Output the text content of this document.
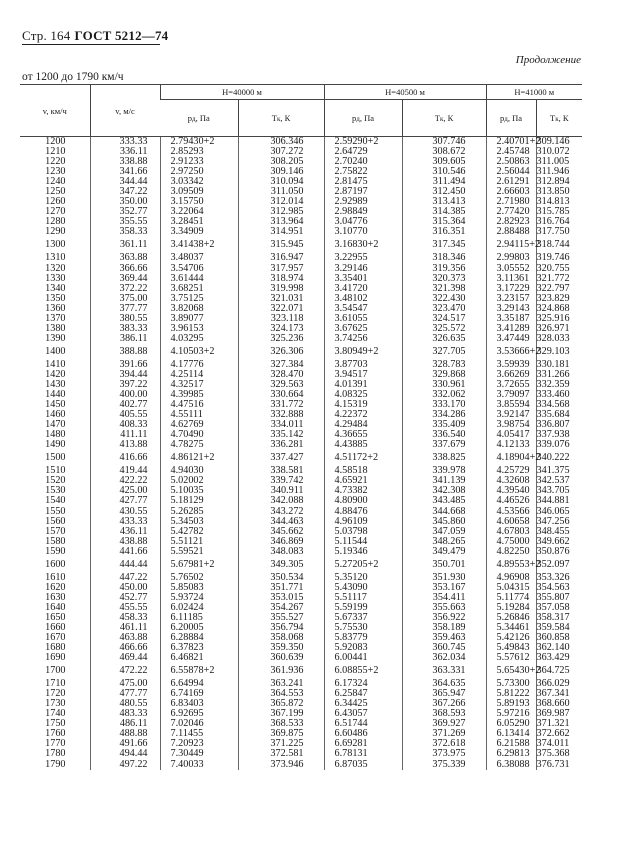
Стр. 164 ГОСТ 5212—74
Продолжение
от 1200 до 1790 км/ч
v, км/ч	v, м/с	H=40000 м		H=40500 м		H=41000 м	
		pд, Па	Tк, К	pд, Па	Tк, К	pд, Па	Tк, К
1200	333.33	2.79430+2	306.346	2.59290+2	307.746	2.40701+2	309.146
1210	336.11	2.85293	307.272	2.64729	308.672	2.45748	310.072
1220	338.88	2.91233	308.205	2.70240	309.605	2.50863	311.005
1230	341.66	2.97250	309.146	2.75822	310.546	2.56044	311.946
1240	344.44	3.03342	310.094	2.81475	311.494	2.61291	312.894
1250	347.22	3.09509	311.050	2.87197	312.450	2.66603	313.850
1260	350.00	3.15750	312.014	2.92989	313.413	2.71980	314.813
1270	352.77	3.22064	312.985	2.98849	314.385	2.77420	315.785
1280	355.55	3.28451	313.964	3.04776	315.364	2.82923	316.764
1290	358.33	3.34909	314.951	3.10770	316.351	2.88488	317.750
1300	361.11	3.41438+2	315.945	3.16830+2	317.345	2.94115+2	318.744
1310	363.88	3.48037	316.947	3.22955	318.346	2.99803	319.746
1320	366.66	3.54706	317.957	3.29146	319.356	3.05552	320.755
1330	369.44	3.61444	318.974	3.35401	320.373	3.11361	321.772
1340	372.22	3.68251	319.998	3.41720	321.398	3.17229	322.797
1350	375.00	3.75125	321.031	3.48102	322.430	3.23157	323.829
1360	377.77	3.82068	322.071	3.54547	323.470	3.29143	324.868
1370	380.55	3.89077	323.118	3.61055	324.517	3.35187	325.916
1380	383.33	3.96153	324.173	3.67625	325.572	3.41289	326.971
1390	386.11	4.03295	325.236	3.74256	326.635	3.47449	328.033
1400	388.88	4.10503+2	326.306	3.80949+2	327.705	3.53666+2	329.103
1410	391.66	4.17776	327.384	3.87703	328.783	3.59939	330.181
1420	394.44	4.25114	328.470	3.94517	329.868	3.66269	331.266
1430	397.22	4.32517	329.563	4.01391	330.961	3.72655	332.359
1440	400.00	4.39985	330.664	4.08325	332.062	3.79097	333.460
1450	402.77	4.47516	331.772	4.15319	333.170	3.85594	334.568
1460	405.55	4.55111	332.888	4.22372	334.286	3.92147	335.684
1470	408.33	4.62769	334.011	4.29484	335.409	3.98754	336.807
1480	411.11	4.70490	335.142	4.36655	336.540	4.05417	337.938
1490	413.88	4.78275	336.281	4.43885	337.679	4.12133	339.076
1500	416.66	4.86121+2	337.427	4.51172+2	338.825	4.18904+2	340.222
1510	419.44	4.94030	338.581	4.58518	339.978	4.25729	341.375
1520	422.22	5.02002	339.742	4.65921	341.139	4.32608	342.537
1530	425.00	5.10035	340.911	4.73382	342.308	4.39540	343.705
1540	427.77	5.18129	342.088	4.80900	343.485	4.46526	344.881
1550	430.55	5.26285	343.272	4.88476	344.668	4.53566	346.065
1560	433.33	5.34503	344.463	4.96109	345.860	4.60658	347.256
1570	436.11	5.42782	345.662	5.03798	347.059	4.67803	348.455
1580	438.88	5.51121	346.869	5.11544	348.265	4.75000	349.662
1590	441.66	5.59521	348.083	5.19346	349.479	4.82250	350.876
1600	444.44	5.67981+2	349.305	5.27205+2	350.701	4.89553+2	352.097
1610	447.22	5.76502	350.534	5.35120	351.930	4.96908	353.326
1620	450.00	5.85083	351.771	5.43090	353.167	5.04315	354.563
1630	452.77	5.93724	353.015	5.51117	354.411	5.11774	355.807
1640	455.55	6.02424	354.267	5.59199	355.663	5.19284	357.058
1650	458.33	6.11185	355.527	5.67337	356.922	5.26846	358.317
1660	461.11	6.20005	356.794	5.75530	358.189	5.34461	359.584
1670	463.88	6.28884	358.068	5.83779	359.463	5.42126	360.858
1680	466.66	6.37823	359.350	5.92083	360.745	5.49843	362.140
1690	469.44	6.46821	360.639	6.00441	362.034	5.57612	363.429
1700	472.22	6.55878+2	361.936	6.08855+2	363.331	5.65430+2	364.725
1710	475.00	6.64994	363.241	6.17324	364.635	5.73300	366.029
1720	477.77	6.74169	364.553	6.25847	365.947	5.81222	367.341
1730	480.55	6.83403	365.872	6.34425	367.266	5.89193	368.660
1740	483.33	6.92695	367.199	6.43057	368.593	5.97216	369.987
1750	486.11	7.02046	368.533	6.51744	369.927	6.05290	371.321
1760	488.88	7.11455	369.875	6.60486	371.269	6.13414	372.662
1770	491.66	7.20923	371.225	6.69281	372.618	6.21588	374.011
1780	494.44	7.30449	372.581	6.78131	373.975	6.29813	375.368
1790	497.22	7.40033	373.946	6.87035	375.339	6.38088	376.731
